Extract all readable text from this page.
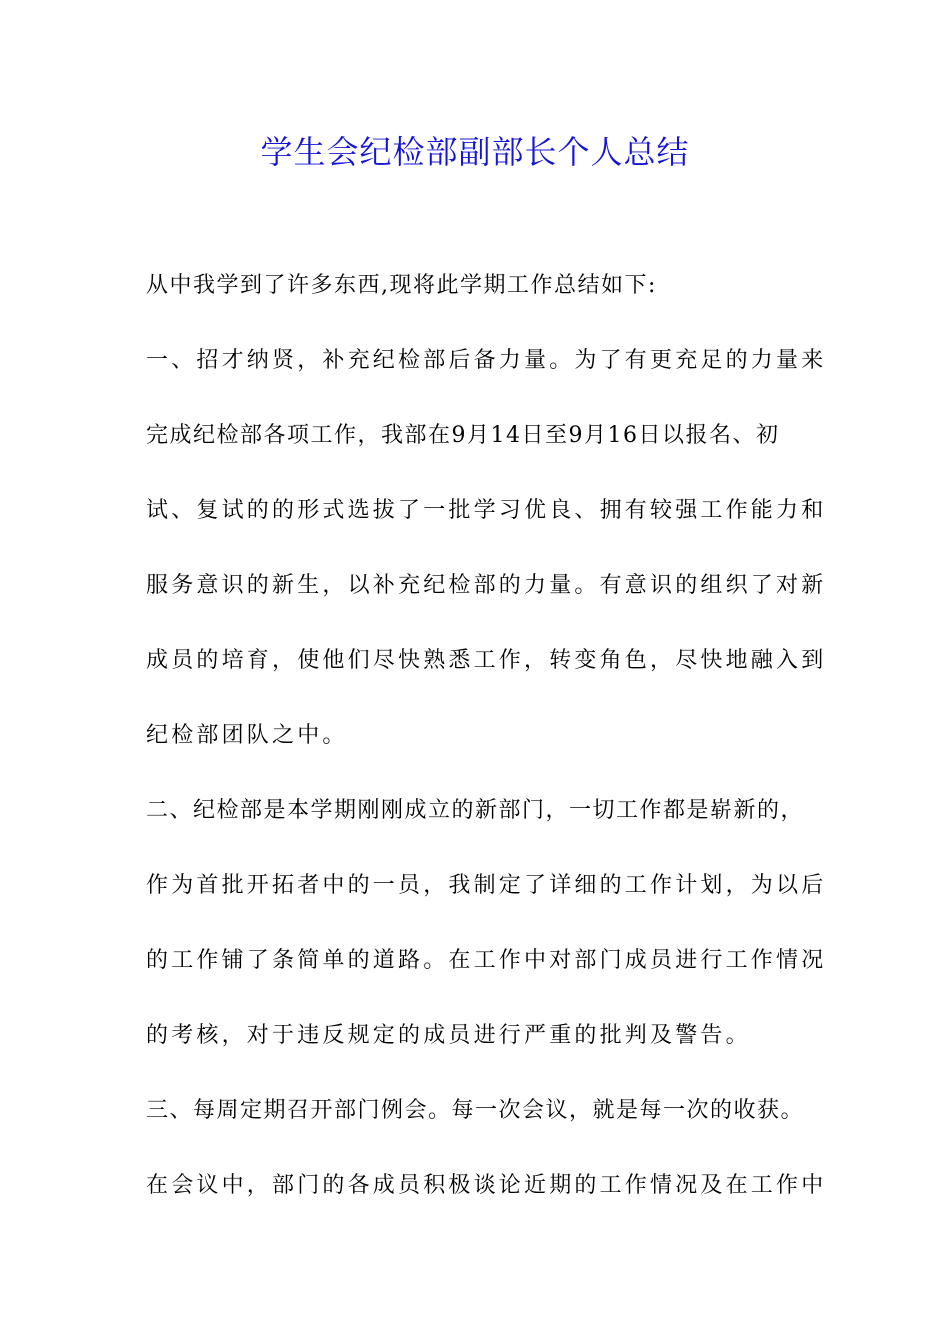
学生会纪检部副部长个人总结
从中我学到了许多东西,现将此学期工作总结如下:
一、招才纳贤，补充纪检部后备力量。为了有更充足的力量来
完成纪检部各项工作，我部在9月14日至9月16日以报名、初
试、复试的的形式选拔了一批学习优良、拥有较强工作能力和
服务意识的新生，以补充纪检部的力量。有意识的组织了对新
成员的培育，使他们尽快熟悉工作，转变角色，尽快地融入到
纪检部团队之中。
二、纪检部是本学期刚刚成立的新部门，一切工作都是崭新的，
作为首批开拓者中的一员，我制定了详细的工作计划，为以后
的工作铺了条简单的道路。在工作中对部门成员进行工作情况
的考核，对于违反规定的成员进行严重的批判及警告。
三、每周定期召开部门例会。每一次会议，就是每一次的收获。
在会议中，部门的各成员积极谈论近期的工作情况及在工作中
